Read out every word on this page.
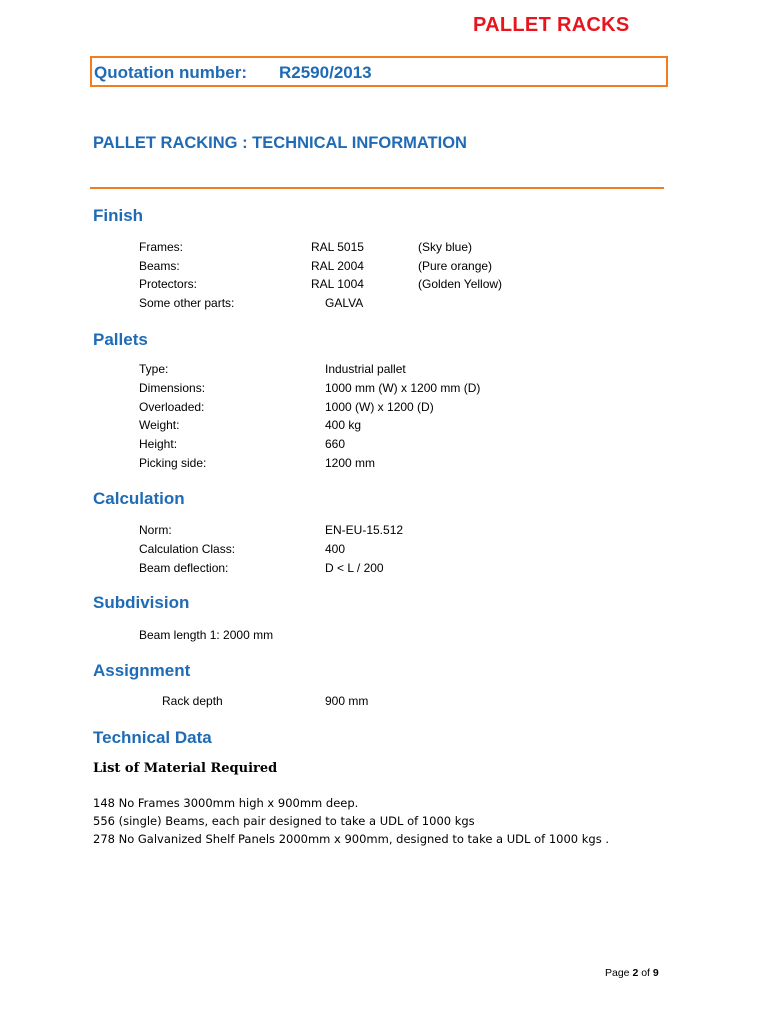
PALLET RACKS
Quotation number: R2590/2013
PALLET RACKING : TECHNICAL INFORMATION
Finish
Frames:	RAL 5015	(Sky blue)
Beams:	RAL 2004	(Pure orange)
Protectors:	RAL 1004	(Golden Yellow)
Some other parts:	GALVA
Pallets
Type:	Industrial pallet
Dimensions:	1000 mm (W) x 1200 mm (D)
Overloaded:	1000 (W) x 1200 (D)
Weight:	400 kg
Height:	660
Picking side:	1200 mm
Calculation
Norm:	EN-EU-15.512
Calculation Class:	400
Beam deflection:	D < L / 200
Subdivision
Beam length 1: 2000 mm
Assignment
Rack depth	900 mm
Technical Data
List of Material Required
148 No Frames 3000mm high x 900mm deep.
556 (single) Beams, each pair designed to take a UDL of 1000 kgs
278 No Galvanized Shelf Panels 2000mm x 900mm, designed to take a UDL of 1000 kgs .
Page 2 of 9
